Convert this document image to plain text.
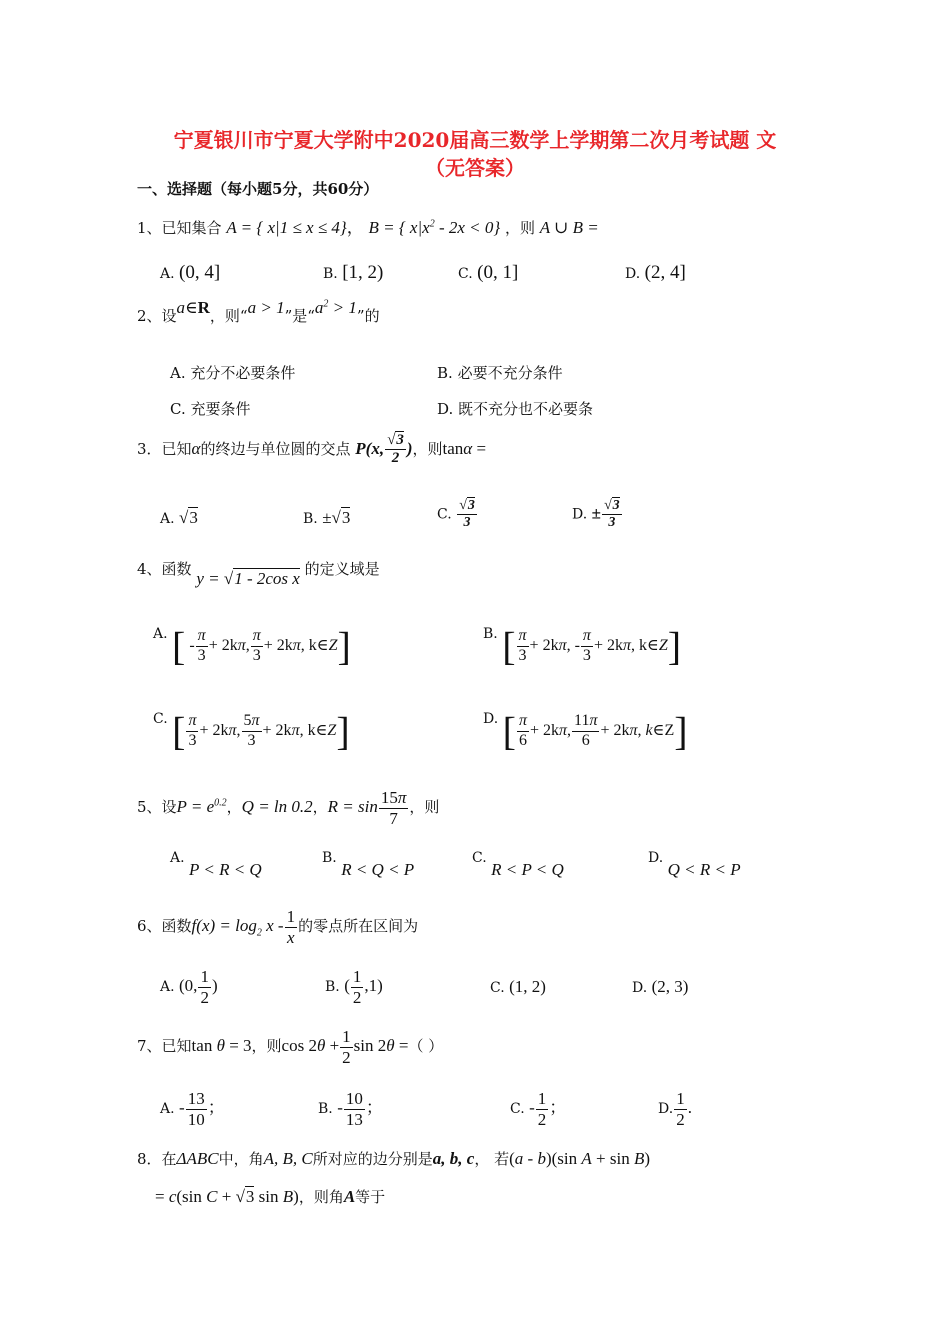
宁夏银川市宁夏大学附中2020届高三数学上学期第二次月考试题 文
（无答案）
一、选择题（每小题5分，共60分）
1、已知集合 A = { x|1 ≤ x ≤ 4}， B = { $x|x^2 - 2x < 0$} ，则 A ∪ B =
A. (0, 4]	B. [1, 2)	C. (0, 1]	D. (2, 4]
2、设a∈R，则“a > 1”是“$a^2 > 1$”的
A. 充分不必要条件	B. 必要不充分条件
C. 充要条件	D. 既不充分也不必要条
3．已知α的终边与单位圆的交点 P(x, $\frac{√3}{2}$ )，则tanα =
A. √3	B. ±√3	C. $\frac{√3}{3}$	D. ± $\frac{√3}{3}$
4、函数 y = √1 - 2cos x 的定义域是
A. [ - $\frac{\pi}{3} + 2k\pi$, $\frac{\pi}{3} + 2k\pi$, k∈Z]	B. [ $\frac{\pi}{3} + 2k\pi$, - $\frac{\pi}{3} + 2k\pi$, k∈Z]
C. [ $\frac{\pi}{3} + 2k\pi$, $\frac{5\pi}{3} + 2k\pi$, k∈Z]	D. [ $\frac{\pi}{6} + 2k\pi$, $\frac{11\pi}{6} + 2k\pi$, k∈Z]
5、设$P = e^{0.2}$，Q = ln 0.2，$R = \sin \frac{15\pi}{7}$ ，则
A. P < R < Q
B. R < Q < P
C. R < P < Q
D. Q < R < P
6、函数$f(x) = \log_2 x - \frac{1}{x}$ 的零点所在区间为
A. (0, $\frac{1}{2}$ )	B. ( $\frac{1}{2} ,1$)	C. (1, 2)	D. (2, 3)
7、已知tan θ = 3，则$\cos 2\theta + \frac{1}{2}$ sin 2θ =（ ）
A. - $\frac{13}{10}$ ；	B. - $\frac{10}{13}$ ；	C. - $\frac{1}{2}$ ；	D. $\frac{1}{2}$ .
8．在ΔABC中，角A, B, C所对应的边分别是a, b, c， 若(a - b)(sin A + sin B)
= c(sin C + √3 sin B)，则角A等于
